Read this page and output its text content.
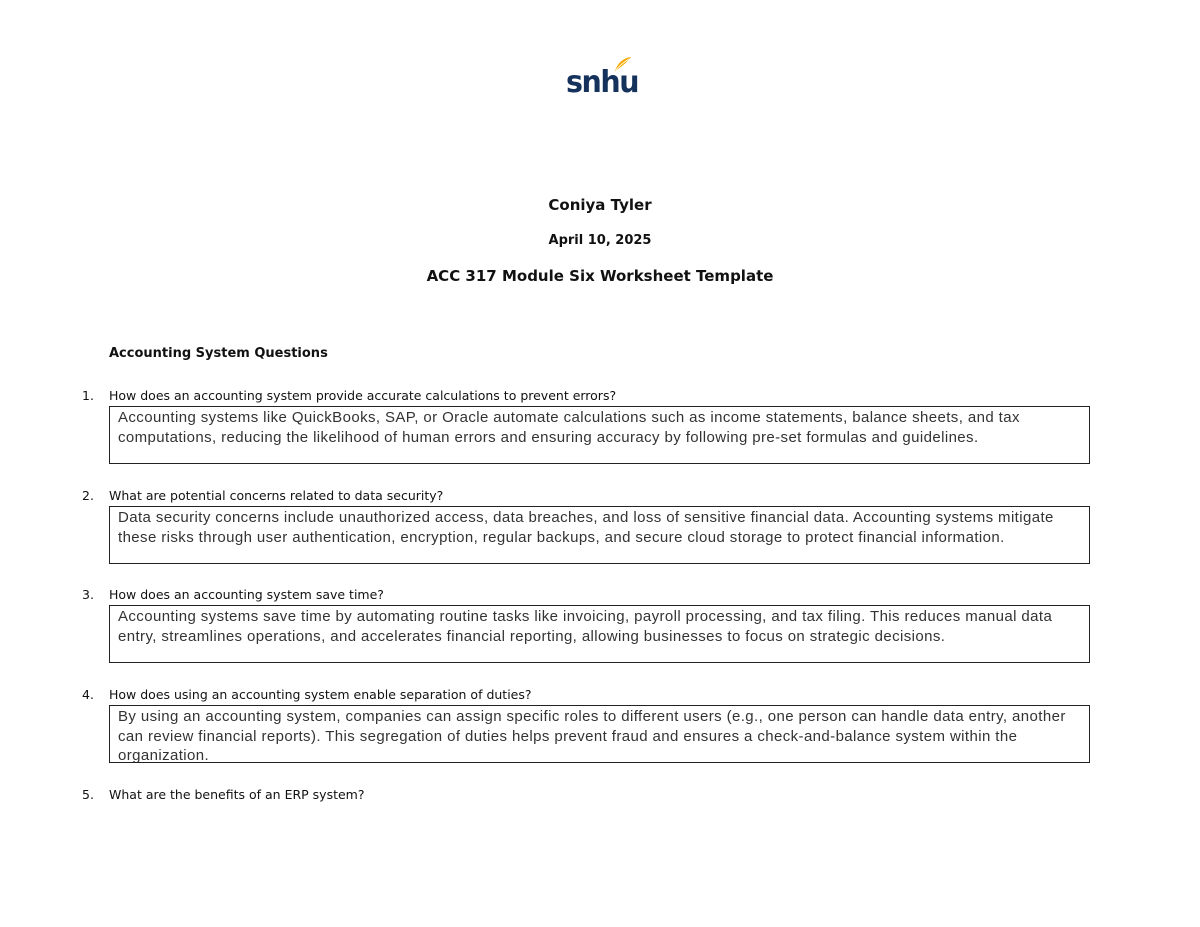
snhu
Coniya Tyler
April 10, 2025
ACC 317 Module Six Worksheet Template
Accounting System Questions
1. How does an accounting system provide accurate calculations to prevent errors?
Accounting systems like QuickBooks, SAP, or Oracle automate calculations such as income statements, balance sheets, and tax computations, reducing the likelihood of human errors and ensuring accuracy by following pre-set formulas and guidelines.
2. What are potential concerns related to data security?
Data security concerns include unauthorized access, data breaches, and loss of sensitive financial data. Accounting systems mitigate these risks through user authentication, encryption, regular backups, and secure cloud storage to protect financial information.
3. How does an accounting system save time?
Accounting systems save time by automating routine tasks like invoicing, payroll processing, and tax filing. This reduces manual data entry, streamlines operations, and accelerates financial reporting, allowing businesses to focus on strategic decisions.
4. How does using an accounting system enable separation of duties?
By using an accounting system, companies can assign specific roles to different users (e.g., one person can handle data entry, another can review financial reports). This segregation of duties helps prevent fraud and ensures a check-and-balance system within the organization.
5. What are the benefits of an ERP system?
